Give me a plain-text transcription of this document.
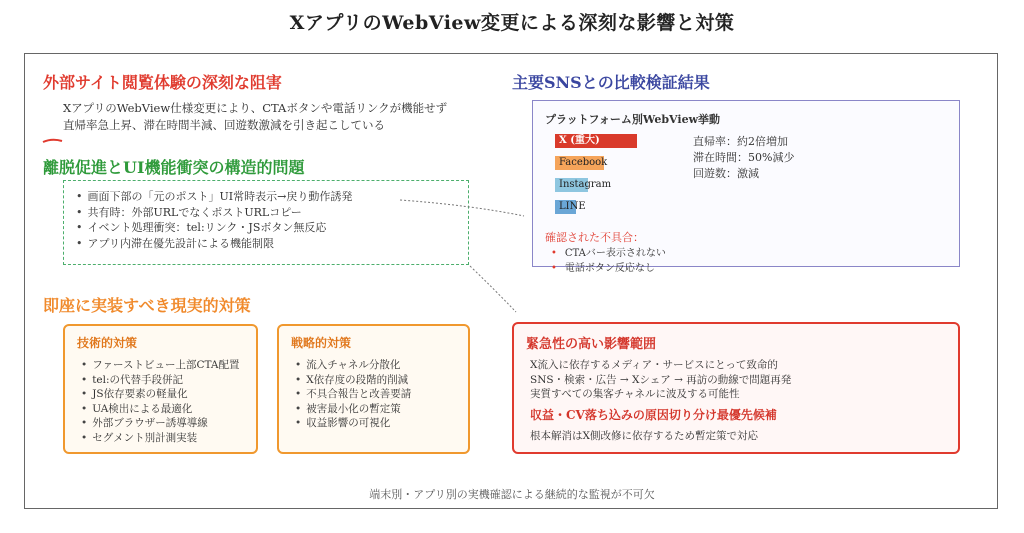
XアプリのWebView変更による深刻な影響と対策
外部サイト閲覧体験の深刻な阻害
XアプリのWebView仕様変更により、CTAボタンや電話リンクが機能せず
直帰率急上昇、滞在時間半減、回遊数激減を引き起こしている
離脱促進とUI機能衝突の構造的問題
• 画面下部の「元のポスト」UI常時表示→戻り動作誘発
• 共有時：外部URLでなくポストURLコピー
• イベント処理衝突：tel:リンク・JSボタン無反応
• アプリ内滞在優先設計による機能制限
即座に実装すべき現実的対策
技術的対策
• ファーストビュー上部CTA配置
• tel:の代替手段併記
• JS依存要素の軽量化
• UA検出による最適化
• 外部ブラウザー誘導導線
• セグメント別計測実装
戦略的対策
• 流入チャネル分散化
• X依存度の段階的削減
• 不具合報告と改善要請
• 被害最小化の暫定策
• 収益影響の可視化
主要SNSとの比較検証結果
プラットフォーム別WebView挙動
X (重大)
Facebook
Instagram
LINE
直帰率：約2倍増加
滞在時間：50%減少
回遊数：激減
確認された不具合：
• CTAバー表示されない
• 電話ボタン反応なし
緊急性の高い影響範囲
X流入に依存するメディア・サービスにとって致命的
SNS・検索・広告 → Xシェア → 再訪の動線で問題再発
実質すべての集客チャネルに波及する可能性
収益・CV落ち込みの原因切り分け最優先候補
根本解消はX側改修に依存するため暫定策で対応
端末別・アプリ別の実機確認による継続的な監視が不可欠
